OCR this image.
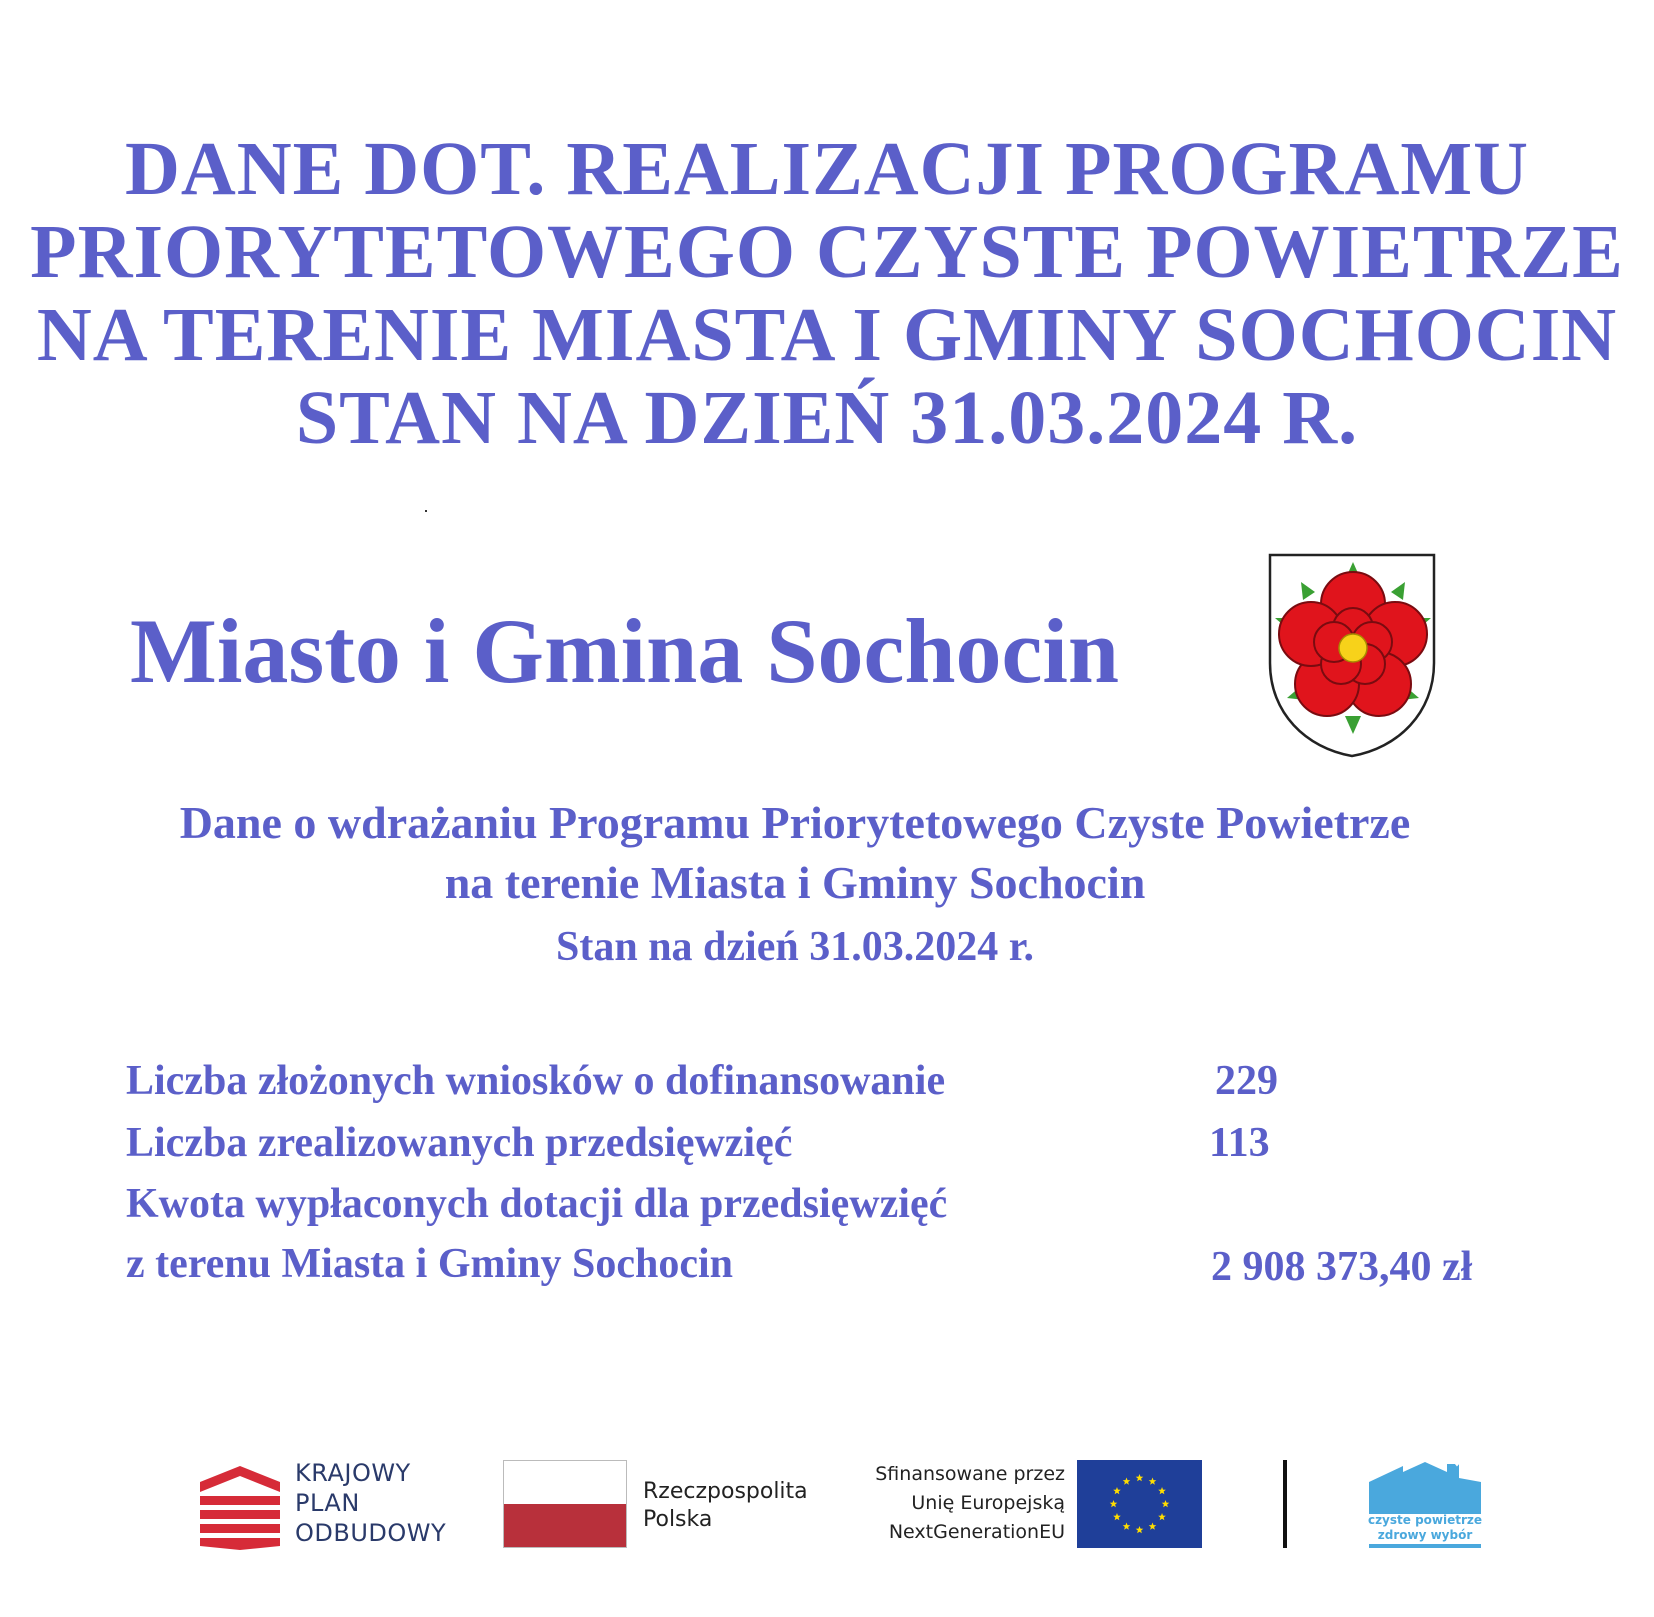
DANE DOT. REALIZACJI PROGRAMU
PRIORYTETOWEGO CZYSTE POWIETRZE
NA TERENIE MIASTA I GMINY SOCHOCIN
STAN NA DZIEŃ 31.03.2024 R.
Miasto i Gmina Sochocin
Dane o wdrażaniu Programu Priorytetowego Czyste Powietrze
na terenie Miasta i Gminy Sochocin
Stan na dzień 31.03.2024 r.
Liczba złożonych wniosków o dofinansowanie	229
Liczba zrealizowanych przedsięwzięć	113
Kwota wypłaconych dotacji dla przedsięwzięć
z terenu Miasta i Gminy Sochocin	2 908 373,40 zł
KRAJOWY
PLAN
ODBUDOWY
Rzeczpospolita
Polska
Sfinansowane przez
Unię Europejską
NextGenerationEU
czyste powietrze
zdrowy wybór
